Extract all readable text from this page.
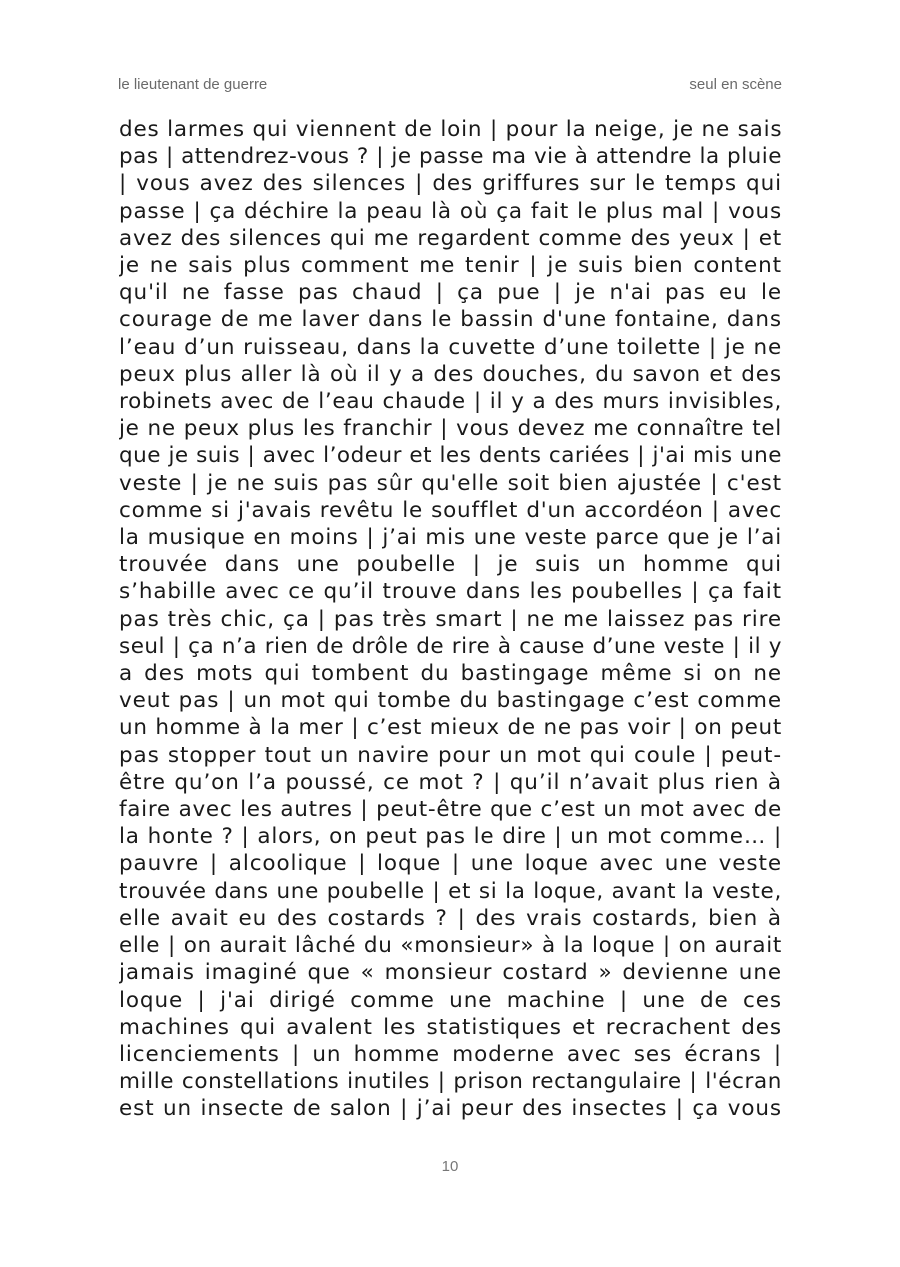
le lieutenant de guerre	seul en scène
des larmes qui viennent de loin | pour la neige, je ne sais
pas | attendrez-vous ? | je passe ma vie à attendre la pluie
| vous avez des silences | des griffures sur le temps qui
passe | ça déchire la peau là où ça fait le plus mal | vous
avez des silences qui me regardent comme des yeux | et
je ne sais plus comment me tenir | je suis bien content
qu'il ne fasse pas chaud | ça pue | je n'ai pas eu le
courage de me laver dans le bassin d'une fontaine, dans
l’eau d’un ruisseau, dans la cuvette d’une toilette | je ne
peux plus aller là où il y a des douches, du savon et des
robinets avec de l’eau chaude | il y a des murs invisibles,
je ne peux plus les franchir | vous devez me connaître tel
que je suis | avec l’odeur et les dents cariées | j'ai mis une
veste | je ne suis pas sûr qu'elle soit bien ajustée | c'est
comme si j'avais revêtu le soufflet d'un accordéon | avec
la musique en moins | j’ai mis une veste parce que je l’ai
trouvée dans une poubelle | je suis un homme qui
s’habille avec ce qu’il trouve dans les poubelles | ça fait
pas très chic, ça | pas très smart | ne me laissez pas rire
seul | ça n’a rien de drôle de rire à cause d’une veste | il y
a des mots qui tombent du bastingage même si on ne
veut pas | un mot qui tombe du bastingage c’est comme
un homme à la mer | c’est mieux de ne pas voir | on peut
pas stopper tout un navire pour un mot qui coule | peut-
être qu’on l’a poussé, ce mot ? | qu’il n’avait plus rien à
faire avec les autres | peut-être que c’est un mot avec de
la honte ? | alors, on peut pas le dire | un mot comme… |
pauvre | alcoolique | loque | une loque avec une veste
trouvée dans une poubelle | et si la loque, avant la veste,
elle avait eu des costards ? | des vrais costards, bien à
elle | on aurait lâché du «monsieur» à la loque | on aurait
jamais imaginé que « monsieur costard » devienne une
loque | j'ai dirigé comme une machine | une de ces
machines qui avalent les statistiques et recrachent des
licenciements | un homme moderne avec ses écrans |
mille constellations inutiles | prison rectangulaire | l'écran
est un insecte de salon | j’ai peur des insectes | ça vous
10
